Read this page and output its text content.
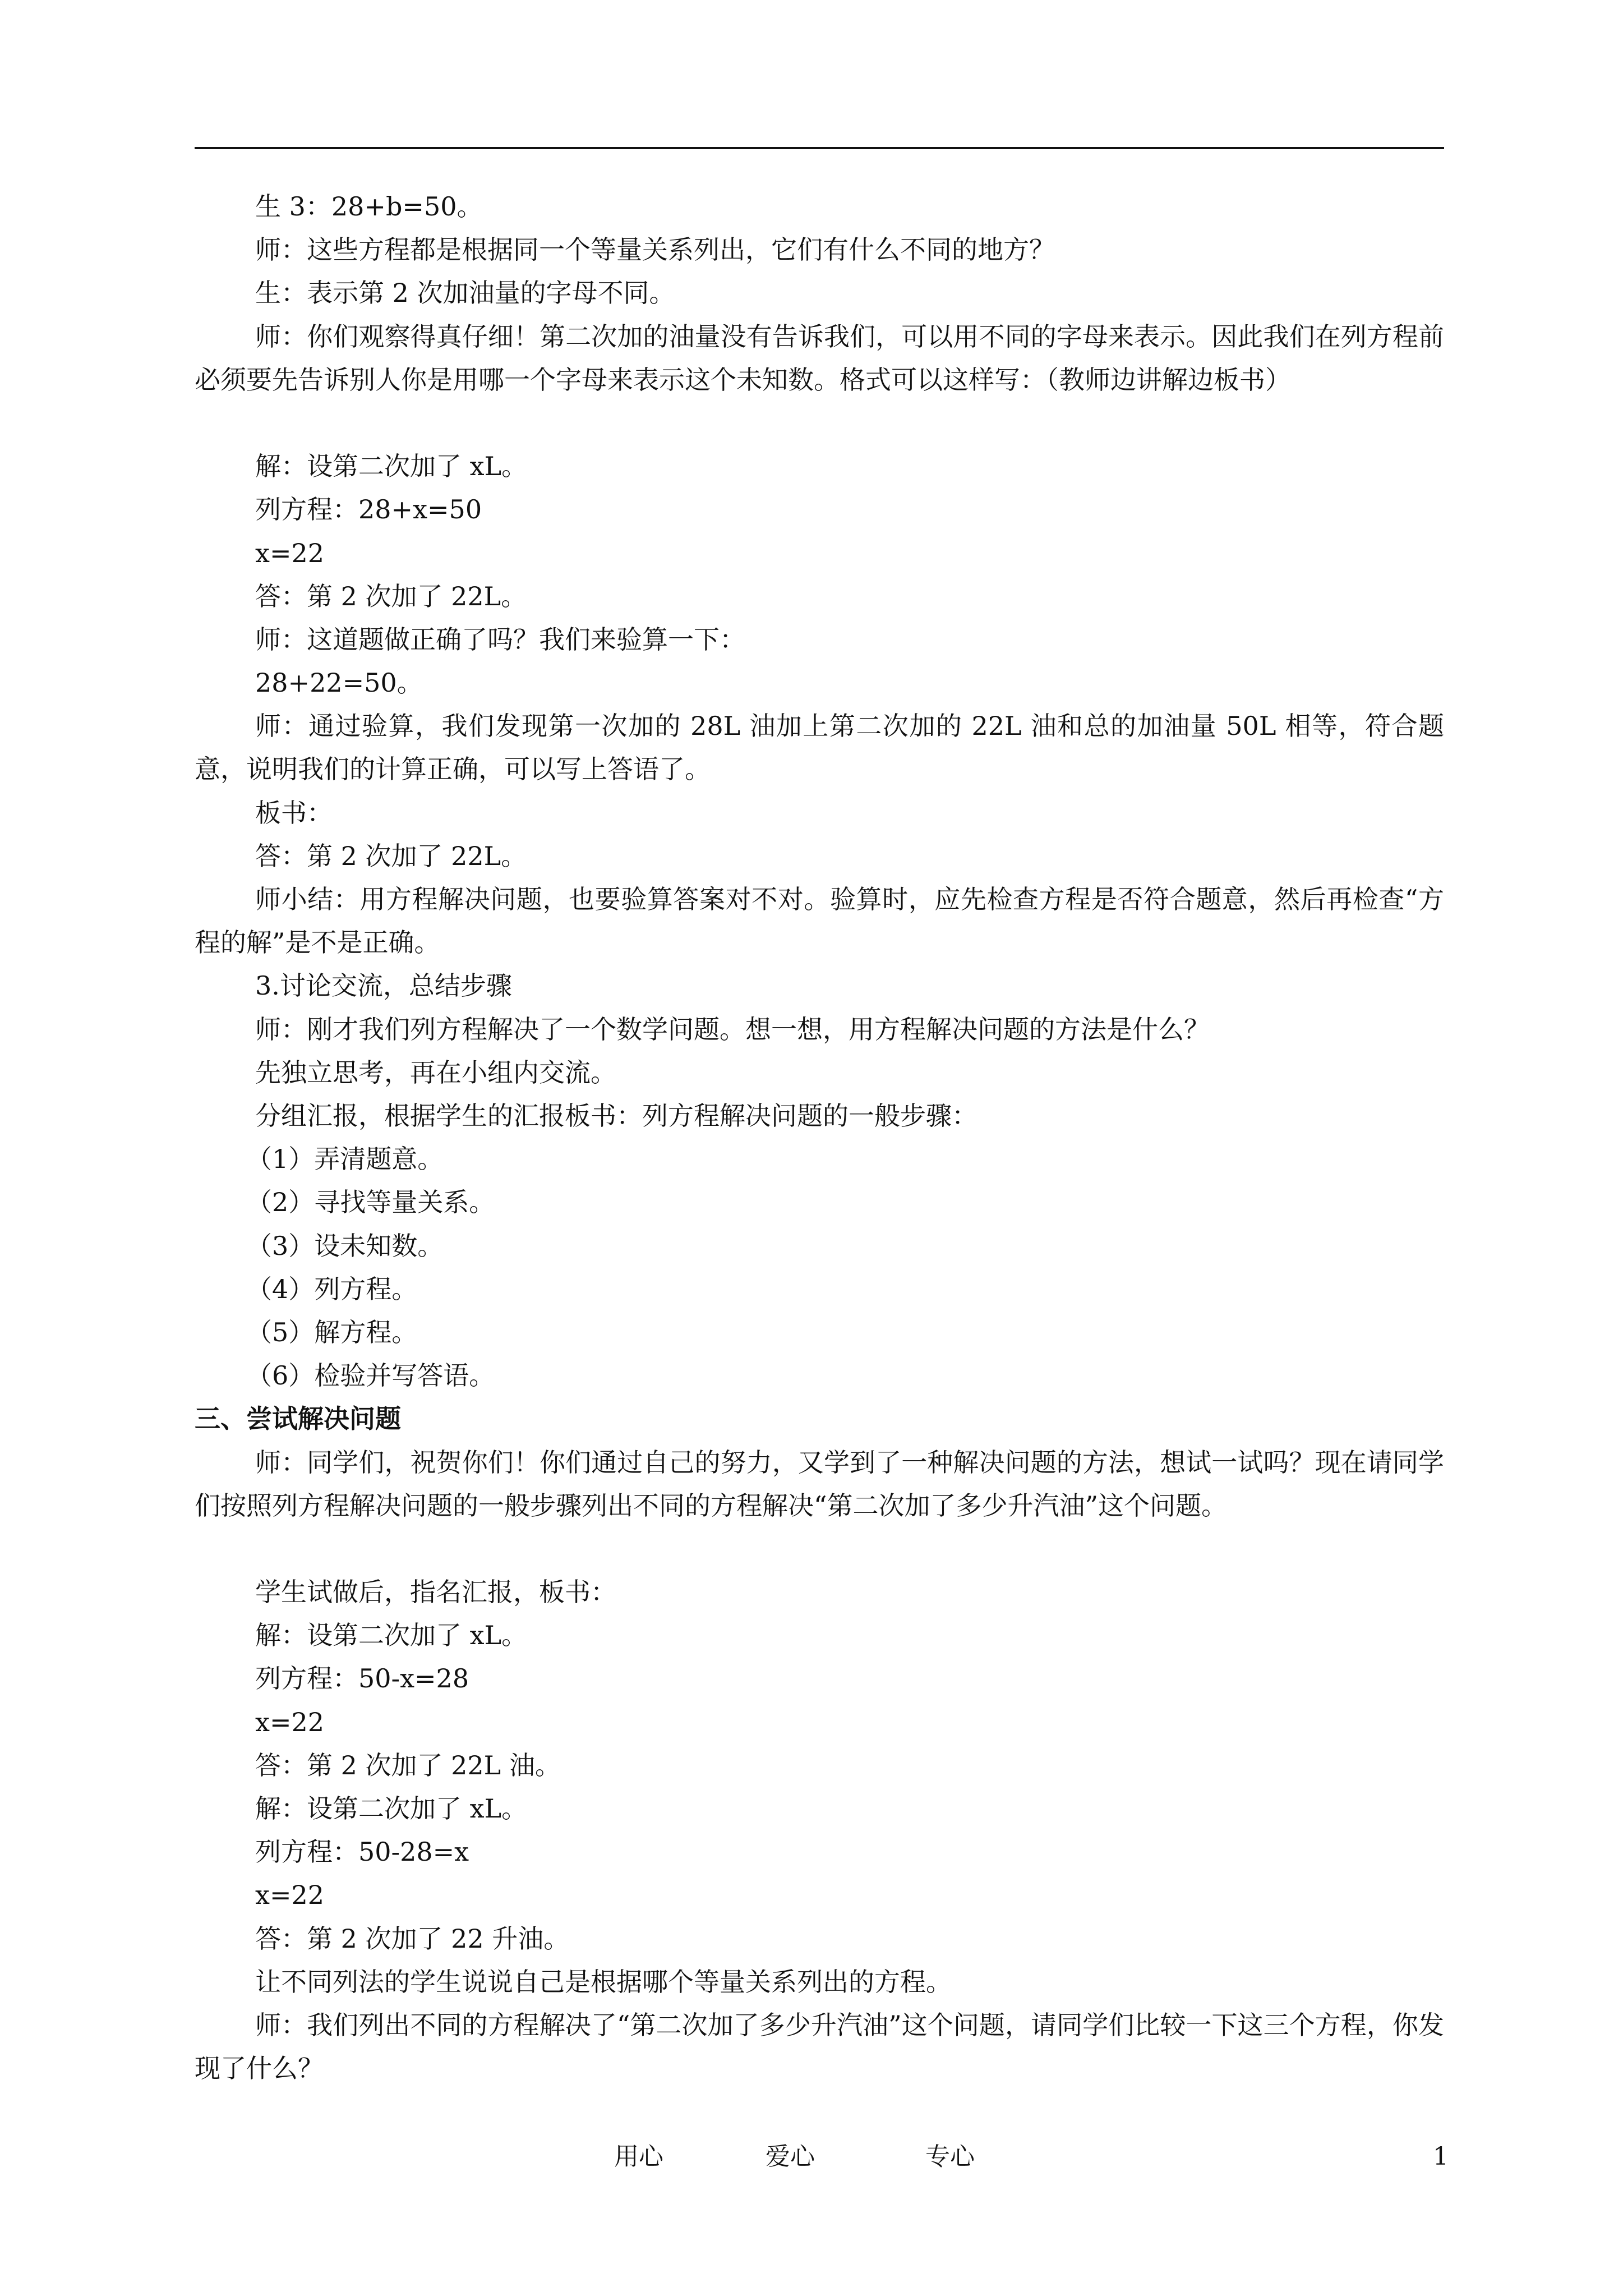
生 3：28+b=50。
师：这些方程都是根据同一个等量关系列出，它们有什么不同的地方？
生：表示第 2 次加油量的字母不同。
师：你们观察得真仔细！第二次加的油量没有告诉我们，可以用不同的字母来表示。因此我们在列方程前必须要先告诉别人你是用哪一个字母来表示这个未知数。格式可以这样写：（教师边讲解边板书）
解：设第二次加了 xL。
列方程：28+x=50
x=22
答：第 2 次加了 22L。
师：这道题做正确了吗？我们来验算一下：
28+22=50。
师：通过验算，我们发现第一次加的 28L 油加上第二次加的 22L 油和总的加油量 50L 相等，符合题意，说明我们的计算正确，可以写上答语了。
板书：
答：第 2 次加了 22L。
师小结：用方程解决问题，也要验算答案对不对。验算时，应先检查方程是否符合题意，然后再检查“方程的解”是不是正确。
3.讨论交流，总结步骤
师：刚才我们列方程解决了一个数学问题。想一想，用方程解决问题的方法是什么？
先独立思考，再在小组内交流。
分组汇报，根据学生的汇报板书：列方程解决问题的一般步骤：
（1）弄清题意。
（2）寻找等量关系。
（3）设未知数。
（4）列方程。
（5）解方程。
（6）检验并写答语。
三、尝试解决问题
师：同学们，祝贺你们！你们通过自己的努力，又学到了一种解决问题的方法，想试一试吗？现在请同学们按照列方程解决问题的一般步骤列出不同的方程解决“第二次加了多少升汽油”这个问题。
学生试做后，指名汇报，板书：
解：设第二次加了 xL。
列方程：50-x=28
x=22
答：第 2 次加了 22L 油。
解：设第二次加了 xL。
列方程：50-28=x
x=22
答：第 2 次加了 22 升油。
让不同列法的学生说说自己是根据哪个等量关系列出的方程。
师：我们列出不同的方程解决了“第二次加了多少升汽油”这个问题，请同学们比较一下这三个方程，你发现了什么？
用心	爱心	专心	1
